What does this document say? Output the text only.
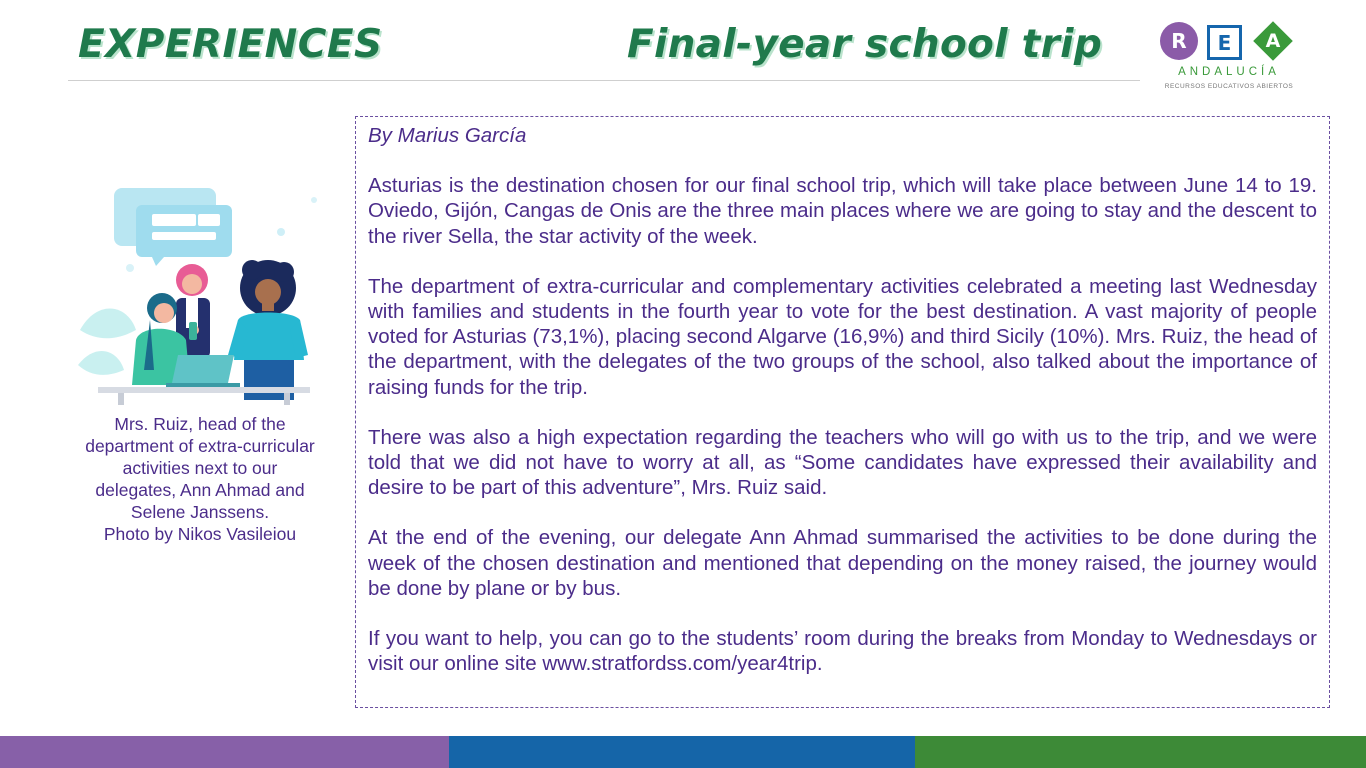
EXPERIENCES	Final-year school trip	R	E	A
ANDALUCÍA
RECURSOS EDUCATIVOS ABIERTOS
Mrs. Ruiz, head of the
department of extra-curricular
activities next to our
delegates, Ann Ahmad and
Selene Janssens.
Photo by Nikos Vasileiou

By Marius García

Asturias is the destination chosen for our final school trip, which will take place between June 14 to 19. Oviedo, Gijón, Cangas de Onis are the three main places where we are going to stay and the descent to the river Sella, the star activity of the week.

The department of extra-curricular and complementary activities celebrated a meeting last Wednesday with families and students in the fourth year to vote for the best destination. A vast majority of people voted for Asturias (73,1%), placing second Algarve (16,9%) and third Sicily (10%). Mrs. Ruiz, the head of the department, with the delegates of the two groups of the school, also talked about the importance of raising funds for the trip.

There was also a high expectation regarding the teachers who will go with us to the trip, and we were told that we did not have to worry at all, as “Some candidates have expressed their availability and desire to be part of this adventure”, Mrs. Ruiz said.

At the end of the evening, our delegate Ann Ahmad summarised the activities to be done during the week of the chosen destination and mentioned that depending on the money raised, the journey would be done by plane or by bus.

If you want to help, you can go to the students’ room during the breaks from Monday to Wednesdays or visit our online site www.stratfordss.com/year4trip.
